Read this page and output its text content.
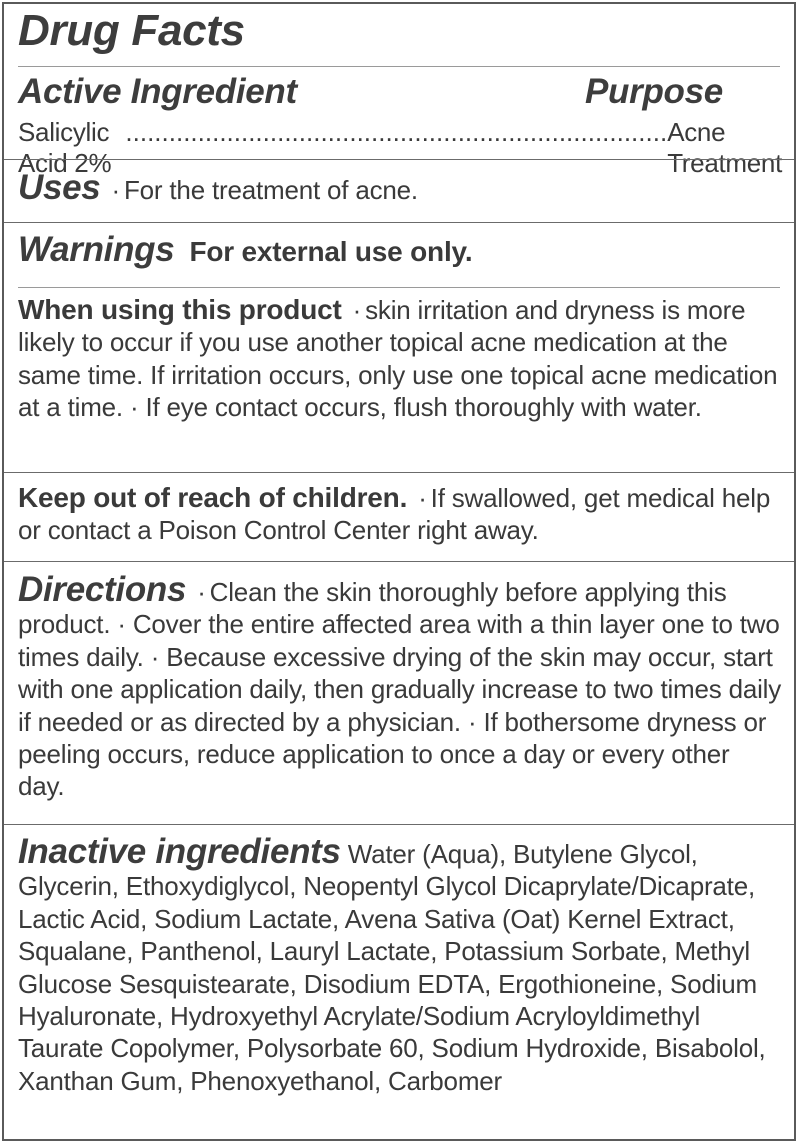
Drug Facts
Active Ingredient	Purpose
Salicylic Acid 2%
........................................................................... Acne Treatment
Uses · For the treatment of acne.
Warnings For external use only.
When using this product · skin irritation and dryness is more likely to occur if you use another topical acne medication at the same time. If irritation occurs, only use one topical acne medication at a time. · If eye contact occurs, flush thoroughly with water.
Keep out of reach of children. · If swallowed, get medical help or contact a Poison Control Center right away.
Directions · Clean the skin thoroughly before applying this product. · Cover the entire affected area with a thin layer one to two times daily. · Because excessive drying of the skin may occur, start with one application daily, then gradually increase to two times daily if needed or as directed by a physician. · If bothersome dryness or peeling occurs, reduce application to once a day or every other day.
Inactive ingredients Water (Aqua), Butylene Glycol, Glycerin, Ethoxydiglycol, Neopentyl Glycol Dicaprylate/Dicaprate, Lactic Acid, Sodium Lactate, Avena Sativa (Oat) Kernel Extract, Squalane, Panthenol, Lauryl Lactate, Potassium Sorbate, Methyl Glucose Sesquistearate, Disodium EDTA, Ergothioneine, Sodium Hyaluronate, Hydroxyethyl Acrylate/Sodium Acryloyldimethyl Taurate Copolymer, Polysorbate 60, Sodium Hydroxide, Bisabolol, Xanthan Gum, Phenoxyethanol, Carbomer
